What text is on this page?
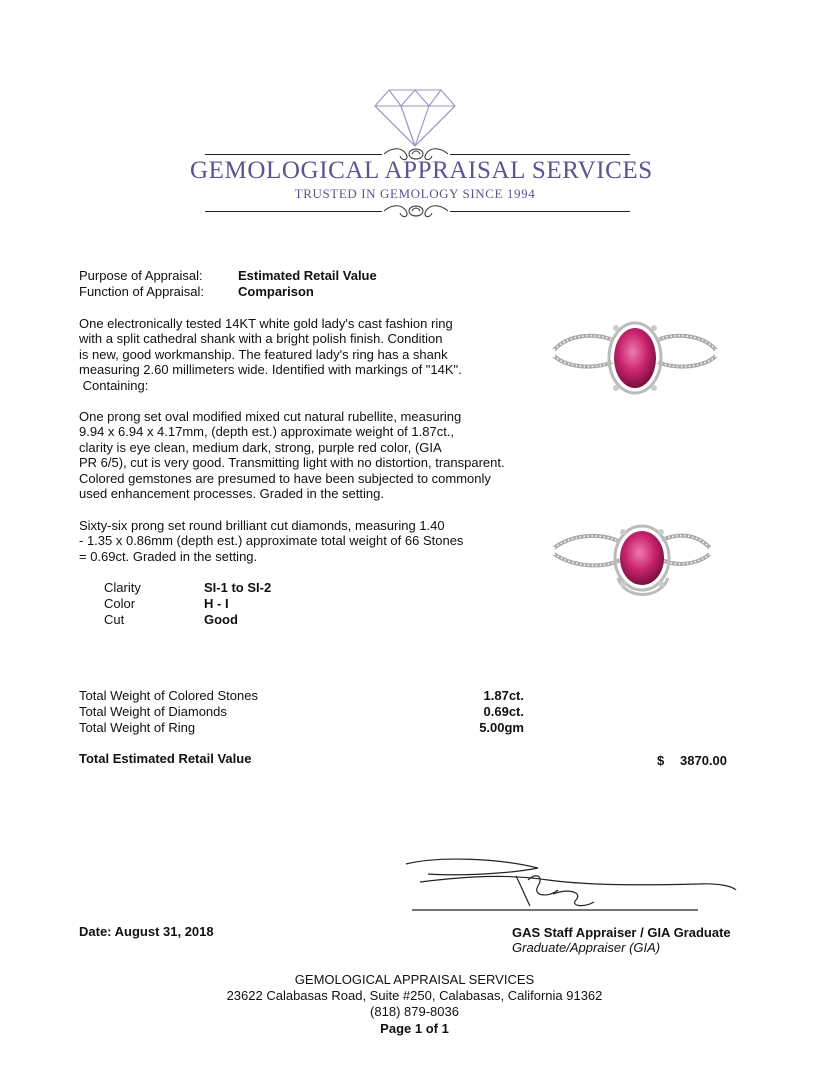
GEMOLOGICAL APPRAISAL SERVICES
TRUSTED IN GEMOLOGY SINCE 1994
Purpose of Appraisal:	Estimated Retail Value
Function of Appraisal:	Comparison
One electronically tested 14KT white gold lady's cast fashion ring
with a split cathedral shank with a bright polish finish. Condition
is new, good workmanship. The featured lady's ring has a shank
measuring 2.60 millimeters wide. Identified with markings of "14K".
Containing:
One prong set oval modified mixed cut natural rubellite, measuring
9.94 x 6.94 x 4.17mm, (depth est.) approximate weight of 1.87ct.,
clarity is eye clean, medium dark, strong, purple red color, (GIA
PR 6/5), cut is very good. Transmitting light with no distortion, transparent.
Colored gemstones are presumed to have been subjected to commonly
used enhancement processes. Graded in the setting.
Sixty-six prong set round brilliant cut diamonds, measuring 1.40
- 1.35 x 0.86mm (depth est.) approximate total weight of 66 Stones
= 0.69ct. Graded in the setting.
Clarity	SI-1 to SI-2
Color	H - I
Cut	Good
Total Weight of Colored Stones	1.87ct.
Total Weight of Diamonds	0.69ct.
Total Weight of Ring	5.00gm
Total Estimated Retail Value	$ 3870.00
Date: August 31, 2018	GAS Staff Appraiser / GIA Graduate
Graduate/Appraiser (GIA)
GEMOLOGICAL APPRAISAL SERVICES
23622 Calabasas Road, Suite #250, Calabasas, California 91362
(818) 879-8036
Page 1 of 1
